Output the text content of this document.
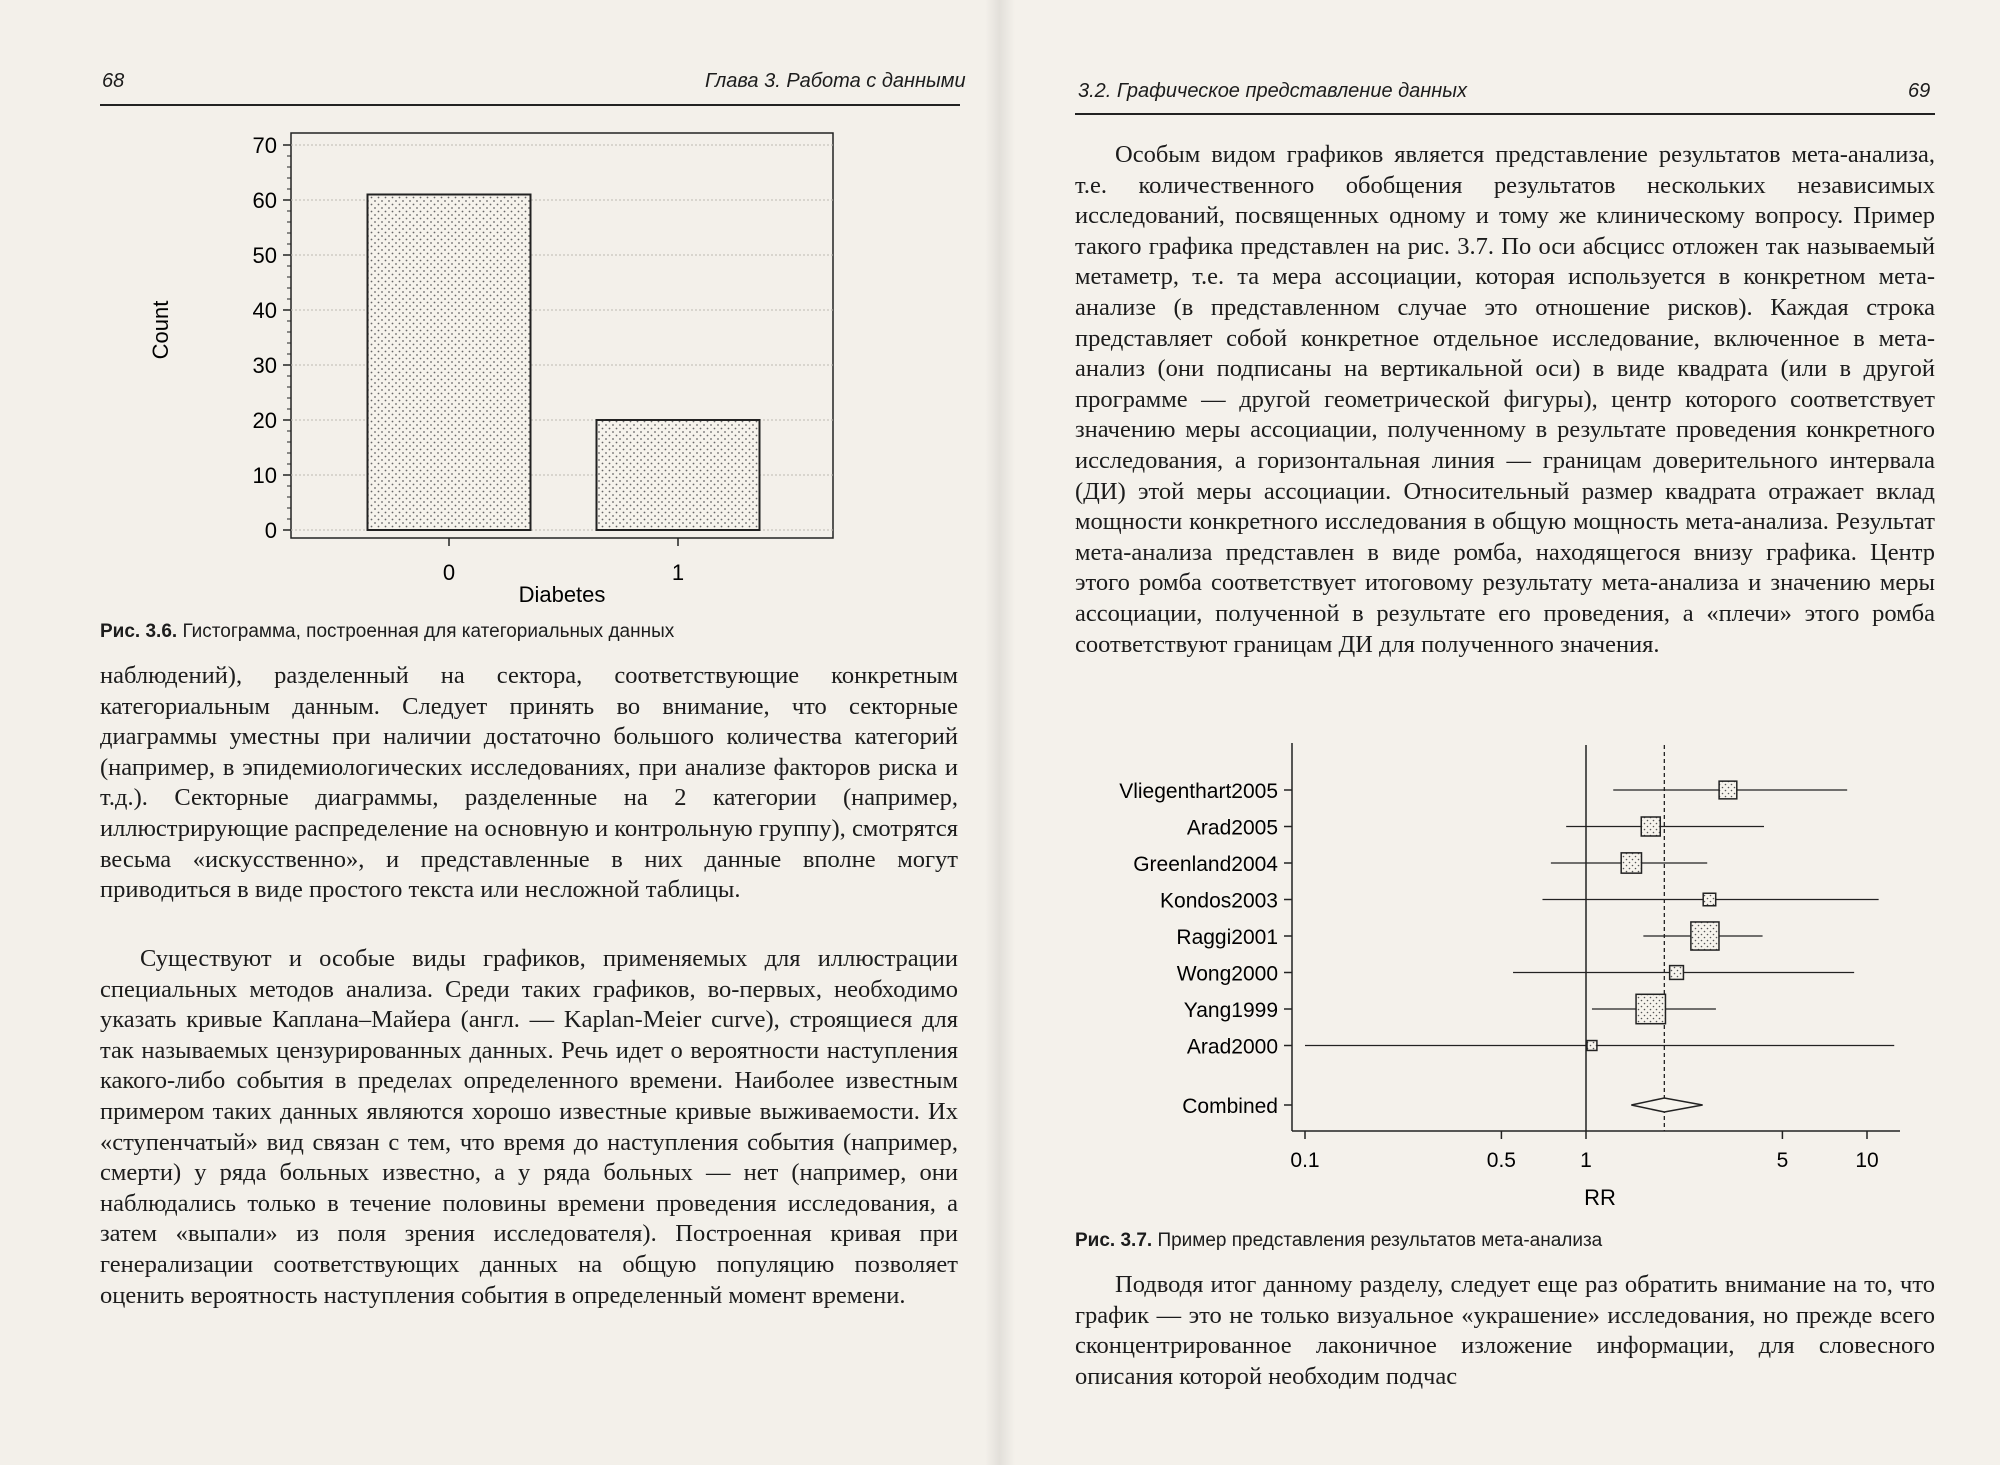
68	Глава 3. Работа с данными
0
10
20
30
40
50
60
70
0	1
Count
Diabetes
Рис. 3.6. Гистограмма, построенная для категориальных данных

наблюдений), разделенный на сектора, соответствующие конкретным категориальным данным. Следует принять во внимание, что секторные диаграммы уместны при наличии достаточно большого количества категорий (например, в эпидемиологических исследованиях, при анализе факторов риска и т.д.). Секторные диаграммы, разделенные на 2 категории (например, иллюстрирующие распределение на основную и контрольную группу), смотрятся весьма «искусственно», и представленные в них данные вполне могут приводиться в виде простого текста или несложной таблицы.

Существуют и особые виды графиков, применяемых для иллюстрации специальных методов анализа. Среди таких графиков, во-первых, необходимо указать кривые Каплана–Майера (англ. — Kaplan-Meier curve), строящиеся для так называемых цензурированных данных. Речь идет о вероятности наступления какого-либо события в пределах определенного времени. Наиболее известным примером таких данных являются хорошо известные кривые выживаемости. Их «ступенчатый» вид связан с тем, что время до наступления события (например, смерти) у ряда больных известно, а у ряда больных — нет (например, они наблюдались только в течение половины времени проведения исследования, а затем «выпали» из поля зрения исследователя). Построенная кривая при генерализации соответствующих данных на общую популяцию позволяет оценить вероятность наступления события в определенный момент времени.

3.2. Графическое представление данных	69

Особым видом графиков является представление результатов мета-анализа, т.е. количественного обобщения результатов нескольких независимых исследований, посвященных одному и тому же клиническому вопросу. Пример такого графика представлен на рис. 3.7. По оси абсцисс отложен так называемый метаметр, т.е. та мера ассоциации, которая используется в конкретном мета-анализе (в представленном случае это отношение рисков). Каждая строка представляет собой конкретное отдельное исследование, включенное в мета-анализ (они подписаны на вертикальной оси) в виде квадрата (или в другой программе — другой геометрической фигуры), центр которого соответствует значению меры ассоциации, полученному в результате проведения конкретного исследования, а горизонтальная линия — границам доверительного интервала (ДИ) этой меры ассоциации. Относительный размер квадрата отражает вклад мощности конкретного исследования в общую мощность мета-анализа. Результат мета-анализа представлен в виде ромба, находящегося внизу графика. Центр этого ромба соответствует итоговому результату мета-анализа и значению меры ассоциации, полученной в результате его проведения, а «плечи» этого ромба соответствуют границам ДИ для полученного значения.

Vliegenthart2005
Arad2005
Greenland2004
Kondos2003
Raggi2001
Wong2000
Yang1999
Arad2000
Combined
0.1	0.5	1	5	10
RR
Рис. 3.7. Пример представления результатов мета-анализа

Подводя итог данному разделу, следует еще раз обратить внимание на то, что график — это не только визуальное «украшение» исследования, но прежде всего сконцентрированное лаконичное изложение информации, для словесного описания которой необходим подчас
